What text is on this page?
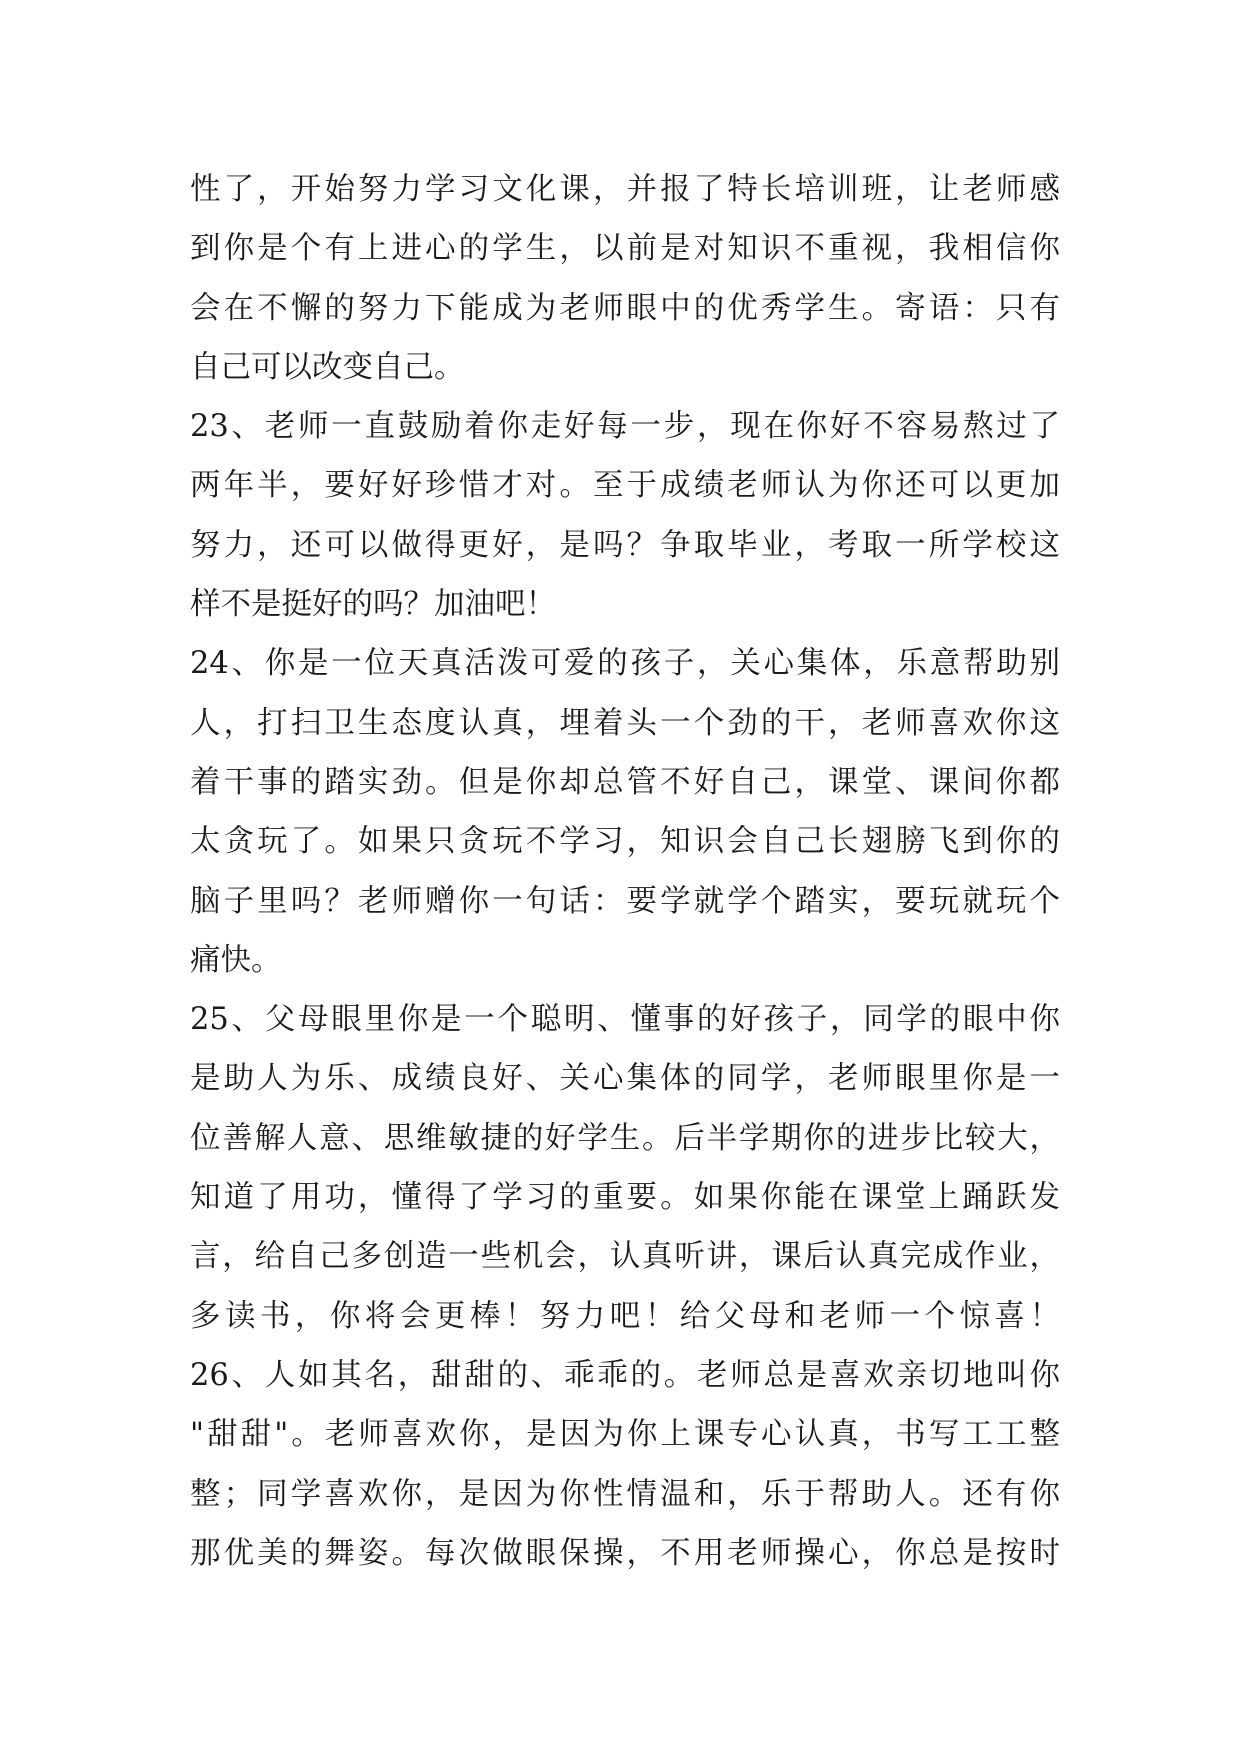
性了，开始努力学习文化课，并报了特长培训班，让老师感
到你是个有上进心的学生，以前是对知识不重视，我相信你
会在不懈的努力下能成为老师眼中的优秀学生。寄语：只有
自己可以改变自己。
23、老师一直鼓励着你走好每一步，现在你好不容易熬过了
两年半，要好好珍惜才对。至于成绩老师认为你还可以更加
努力，还可以做得更好，是吗？争取毕业，考取一所学校这
样不是挺好的吗？加油吧！
24、你是一位天真活泼可爱的孩子，关心集体，乐意帮助别
人，打扫卫生态度认真，埋着头一个劲的干，老师喜欢你这
着干事的踏实劲。但是你却总管不好自己，课堂、课间你都
太贪玩了。如果只贪玩不学习，知识会自己长翅膀飞到你的
脑子里吗？老师赠你一句话：要学就学个踏实，要玩就玩个
痛快。
25、父母眼里你是一个聪明、懂事的好孩子，同学的眼中你
是助人为乐、成绩良好、关心集体的同学，老师眼里你是一
位善解人意、思维敏捷的好学生。后半学期你的进步比较大，
知道了用功，懂得了学习的重要。如果你能在课堂上踊跃发
言，给自己多创造一些机会，认真听讲，课后认真完成作业，
多读书，你将会更棒！努力吧！给父母和老师一个惊喜！
26、人如其名，甜甜的、乖乖的。老师总是喜欢亲切地叫你
"甜甜"。老师喜欢你，是因为你上课专心认真，书写工工整
整；同学喜欢你，是因为你性情温和，乐于帮助人。还有你
那优美的舞姿。每次做眼保操，不用老师操心，你总是按时
